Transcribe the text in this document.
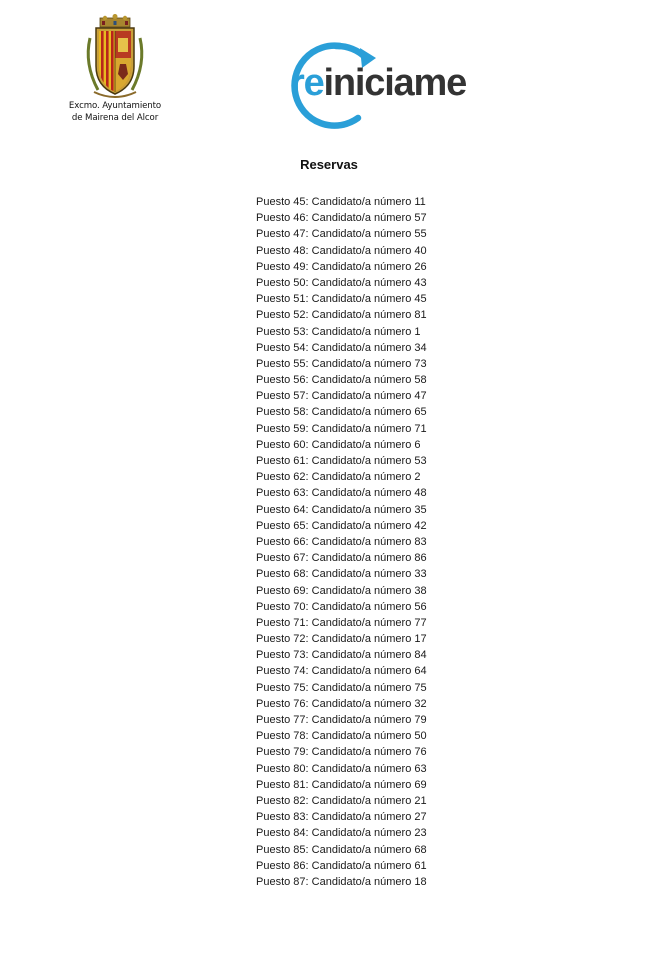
Excmo. Ayuntamiento
de Mairena del Alcor
reiniciame
Reservas
Puesto 45: Candidato/a número 11
Puesto 46: Candidato/a número 57
Puesto 47: Candidato/a número 55
Puesto 48: Candidato/a número 40
Puesto 49: Candidato/a número 26
Puesto 50: Candidato/a número 43
Puesto 51: Candidato/a número 45
Puesto 52: Candidato/a número 81
Puesto 53: Candidato/a número 1
Puesto 54: Candidato/a número 34
Puesto 55: Candidato/a número 73
Puesto 56: Candidato/a número 58
Puesto 57: Candidato/a número 47
Puesto 58: Candidato/a número 65
Puesto 59: Candidato/a número 71
Puesto 60: Candidato/a número 6
Puesto 61: Candidato/a número 53
Puesto 62: Candidato/a número 2
Puesto 63: Candidato/a número 48
Puesto 64: Candidato/a número 35
Puesto 65: Candidato/a número 42
Puesto 66: Candidato/a número 83
Puesto 67: Candidato/a número 86
Puesto 68: Candidato/a número 33
Puesto 69: Candidato/a número 38
Puesto 70: Candidato/a número 56
Puesto 71: Candidato/a número 77
Puesto 72: Candidato/a número 17
Puesto 73: Candidato/a número 84
Puesto 74: Candidato/a número 64
Puesto 75: Candidato/a número 75
Puesto 76: Candidato/a número 32
Puesto 77: Candidato/a número 79
Puesto 78: Candidato/a número 50
Puesto 79: Candidato/a número 76
Puesto 80: Candidato/a número 63
Puesto 81: Candidato/a número 69
Puesto 82: Candidato/a número 21
Puesto 83: Candidato/a número 27
Puesto 84: Candidato/a número 23
Puesto 85: Candidato/a número 68
Puesto 86: Candidato/a número 61
Puesto 87: Candidato/a número 18
